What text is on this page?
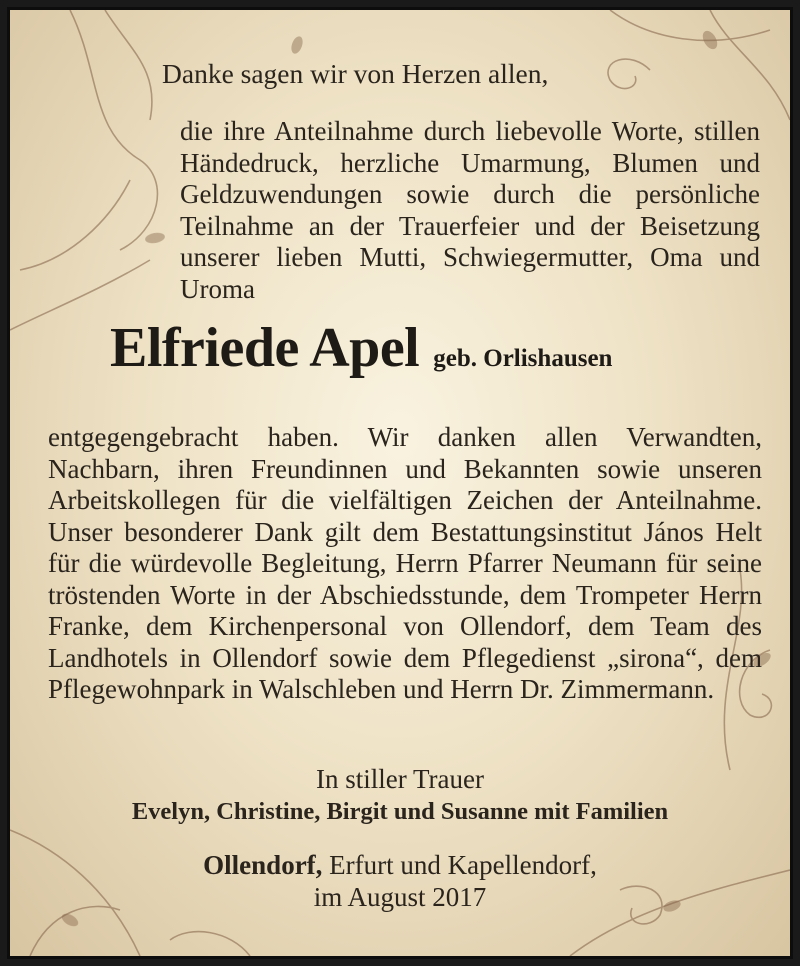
Danke sagen wir von Herzen allen,
die ihre Anteilnahme durch liebevolle Worte, stillen Händedruck, herzliche Umarmung, Blumen und Geldzuwendungen sowie durch die persönliche Teilnahme an der Trauerfeier und der Beisetzung unserer lieben Mutti, Schwiegermutter, Oma und Uroma
Elfriede Apel geb. Orlishausen
entgegengebracht haben. Wir danken allen Verwandten, Nachbarn, ihren Freundinnen und Bekannten sowie unseren Arbeitskollegen für die vielfältigen Zeichen der Anteilnahme. Unser besonderer Dank gilt dem Bestattungsinstitut János Helt für die würdevolle Begleitung, Herrn Pfarrer Neumann für seine tröstenden Worte in der Abschiedsstunde, dem Trompeter Herrn Franke, dem Kirchenpersonal von Ollendorf, dem Team des Landhotels in Ollendorf sowie dem Pflegedienst „sirona“, dem Pflegewohnpark in Walschleben und Herrn Dr. Zimmermann.
In stiller Trauer
Evelyn, Christine, Birgit und Susanne mit Familien
Ollendorf, Erfurt und Kapellendorf,
im August 2017
